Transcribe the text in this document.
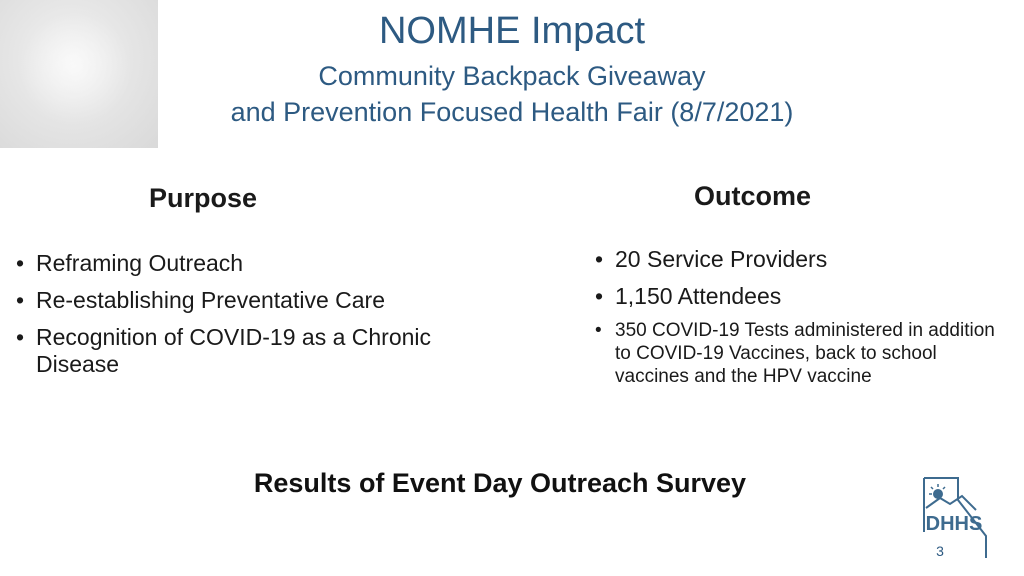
NOMHE Impact
Community Backpack Giveaway
and Prevention Focused Health Fair (8/7/2021)
Purpose
• Reframing Outreach
• Re-establishing Preventative Care
• Recognition of COVID-19 as a Chronic Disease
Outcome
• 20 Service Providers
• 1,150 Attendees
• 350 COVID-19 Tests administered in addition to COVID-19 Vaccines, back to school vaccines and the HPV vaccine
Results of Event Day Outreach Survey
DHHS
3
